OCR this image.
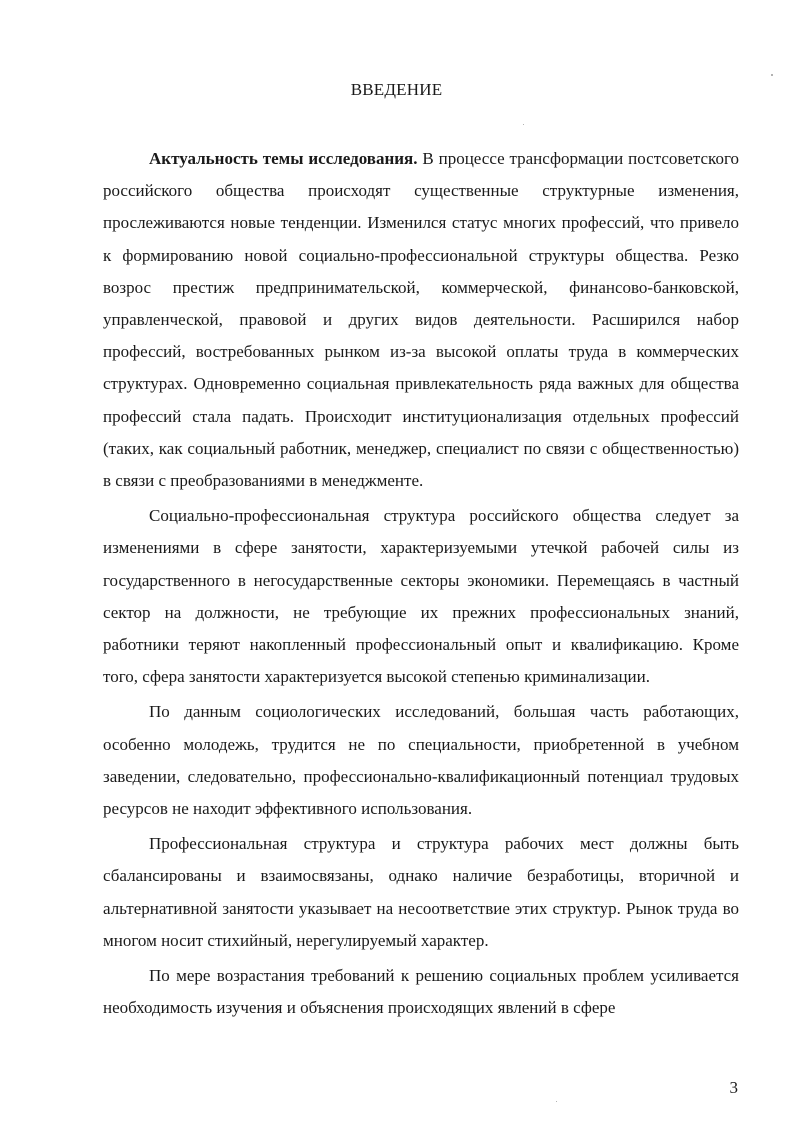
ВВЕДЕНИЕ

Актуальность темы исследования. В процессе трансформации постсоветского российского общества происходят существенные структурные изменения, прослеживаются новые тенденции. Изменился статус многих профессий, что привело к формированию новой социально-профессиональной структуры общества. Резко возрос престиж предпринимательской, коммерческой, финансово-банковской, управленческой, правовой и других видов деятельности. Расширился набор профессий, востребованных рынком из-за высокой оплаты труда в коммерческих структурах. Одновременно социальная привлекательность ряда важных для общества профессий стала падать. Происходит институционализация отдельных профессий (таких, как социальный работник, менеджер, специалист по связи с общественностью) в связи с преобразованиями в менеджменте.

Социально-профессиональная структура российского общества следует за изменениями в сфере занятости, характеризуемыми утечкой рабочей силы из государственного в негосударственные секторы экономики. Перемещаясь в частный сектор на должности, не требующие их прежних профессиональных знаний, работники теряют накопленный профессиональный опыт и квалификацию. Кроме того, сфера занятости характеризуется высокой степенью криминализации.

По данным социологических исследований, большая часть работающих, особенно молодежь, трудится не по специальности, приобретенной в учебном заведении, следовательно, профессионально-квалификационный потенциал трудовых ресурсов не находит эффективного использования.

Профессиональная структура и структура рабочих мест должны быть сбалансированы и взаимосвязаны, однако наличие безработицы, вторичной и альтернативной занятости указывает на несоответствие этих структур. Рынок труда во многом носит стихийный, нерегулируемый характер.

По мере возрастания требований к решению социальных проблем усиливается необходимость изучения и объяснения происходящих явлений в сфере

3
